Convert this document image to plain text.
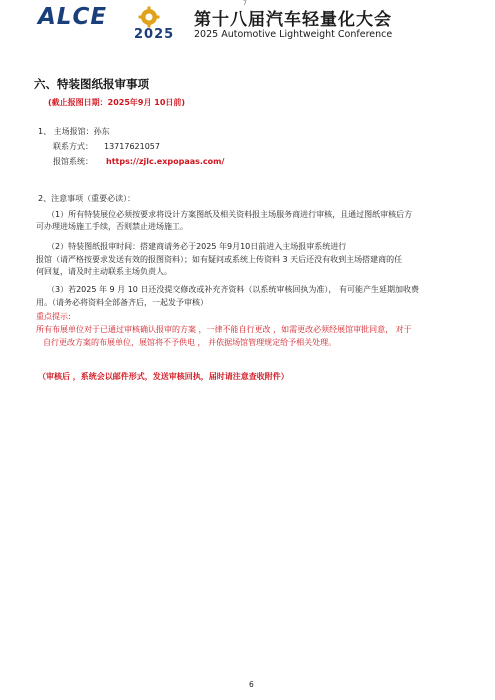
7
ALCE
2025
第十八届汽车轻量化大会
2025 Automotive Lightweight Conference
六、特装图纸报审事项
(截止报图日期：2025年9月 10日前)
1、 主场报馆：孙东
联系方式： 13717621057
报馆系统： https://zjlc.expopaas.com/
2、注意事项（重要必读）：
（1）所有特装展位必须按要求将设计方案图纸及相关资料报主场服务商进行审核，且通过图纸审核后方
可办理进场施工手续，否则禁止进场施工。
（2）特装图纸报审时间：搭建商请务必于2025 年9月10日前进入主场报审系统进行
报馆（请严格按要求发送有效的报图资料）；如有疑问或系统上传资料 3 天后还没有收到主场搭建商的任
何回复，请及时主动联系主场负责人。
（3）若2025 年 9 月 10 日还没提交修改或补充齐资料（以系统审核回执为准）， 有可能产生延期加收费
用。（请务必将资料全部备齐后，一起发予审核）
重点提示:
所有布展单位对于已通过审核确认报审的方案 ，一律不能自行更改 ，如需更改必须经展馆审批同意， 对于
自行更改方案的布展单位，展馆将不予供电 ， 并依据场馆管理规定给予相关处理。
（审核后 ，系统会以邮件形式，发送审核回执，届时请注意查收附件）
6
